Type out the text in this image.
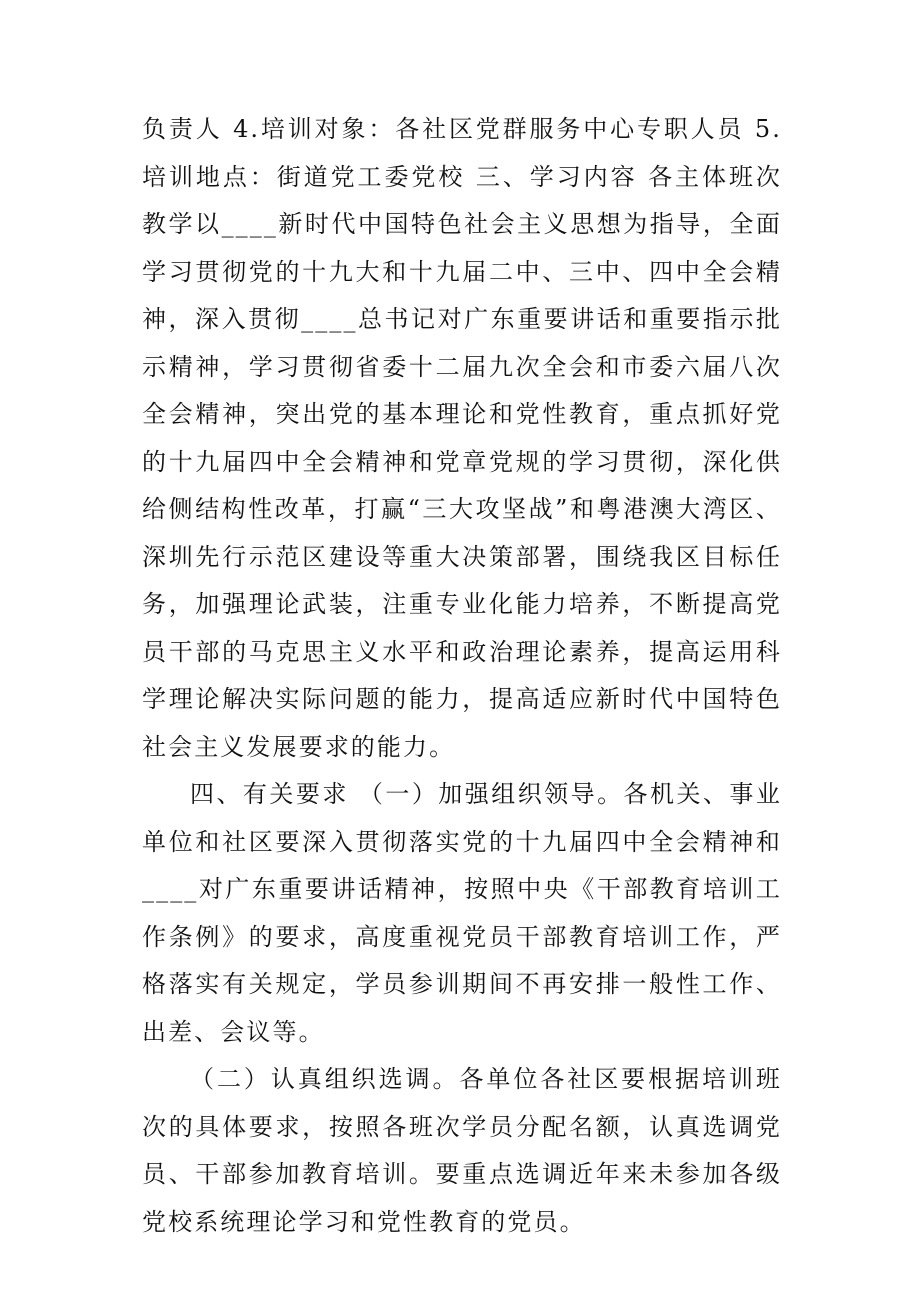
负责人 4.培训对象：各社区党群服务中心专职人员 5.培训地点：街道党工委党校 三、学习内容 各主体班次教学以____新时代中国特色社会主义思想为指导，全面学习贯彻党的十九大和十九届二中、三中、四中全会精神，深入贯彻____总书记对广东重要讲话和重要指示批示精神，学习贯彻省委十二届九次全会和市委六届八次全会精神，突出党的基本理论和党性教育，重点抓好党的十九届四中全会精神和党章党规的学习贯彻，深化供给侧结构性改革，打赢“三大攻坚战”和粤港澳大湾区、深圳先行示范区建设等重大决策部署，围绕我区目标任务，加强理论武装，注重专业化能力培养，不断提高党员干部的马克思主义水平和政治理论素养，提高运用科学理论解决实际问题的能力，提高适应新时代中国特色社会主义发展要求的能力。

四、有关要求 （一）加强组织领导。各机关、事业单位和社区要深入贯彻落实党的十九届四中全会精神和____对广东重要讲话精神，按照中央《干部教育培训工作条例》的要求，高度重视党员干部教育培训工作，严格落实有关规定，学员参训期间不再安排一般性工作、出差、会议等。

（二）认真组织选调。各单位各社区要根据培训班次的具体要求，按照各班次学员分配名额，认真选调党员、干部参加教育培训。要重点选调近年来未参加各级党校系统理论学习和党性教育的党员。
